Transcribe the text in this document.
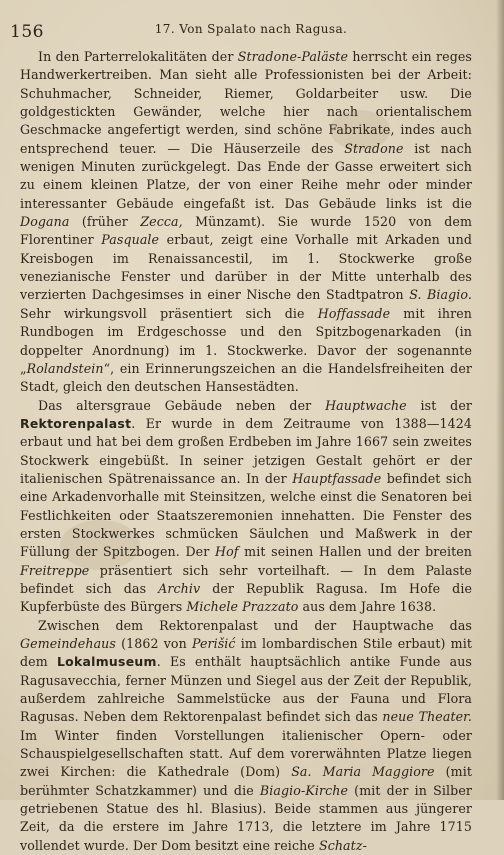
156	17. Von Spalato nach Ragusa.

In den Parterrelokalitäten der Stradone-Paläste herrscht ein reges Handwerkertreiben. Man sieht alle Professionisten bei der Arbeit: Schuhmacher, Schneider, Riemer, Goldarbeiter usw. Die goldgestickten Gewänder, welche hier nach orientalischem Geschmacke angefertigt werden, sind schöne Fabrikate, indes auch entsprechend teuer. — Die Häuserzeile des Stradone ist nach wenigen Minuten zurückgelegt. Das Ende der Gasse erweitert sich zu einem kleinen Platze, der von einer Reihe mehr oder minder interessanter Gebäude eingefaßt ist. Das Gebäude links ist die Dogana (früher Zecca, Münzamt). Sie wurde 1520 von dem Florentiner Pasquale erbaut, zeigt eine Vorhalle mit Arkaden und Kreisbogen im Renaissancestil, im 1. Stockwerke große venezianische Fenster und darüber in der Mitte unterhalb des verzierten Dachgesimses in einer Nische den Stadtpatron S. Biagio. Sehr wirkungsvoll präsentiert sich die Hoffassade mit ihren Rundbogen im Erdgeschosse und den Spitzbogenarkaden (in doppelter Anordnung) im 1. Stockwerke. Davor der sogenannte „Rolandstein“, ein Erinnerungszeichen an die Handelsfreiheiten der Stadt, gleich den deutschen Hansestädten.

Das altersgraue Gebäude neben der Hauptwache ist der Rektorenpalast. Er wurde in dem Zeitraume von 1388—1424 erbaut und hat bei dem großen Erdbeben im Jahre 1667 sein zweites Stockwerk eingebüßt. In seiner jetzigen Gestalt gehört er der italienischen Spätrenaissance an. In der Hauptfassade befindet sich eine Arkadenvorhalle mit Steinsitzen, welche einst die Senatoren bei Festlichkeiten oder Staatszeremonien innehatten. Die Fenster des ersten Stockwerkes schmücken Säulchen und Maßwerk in der Füllung der Spitzbogen. Der Hof mit seinen Hallen und der breiten Freitreppe präsentiert sich sehr vorteilhaft. — In dem Palaste befindet sich das Archiv der Republik Ragusa. Im Hofe die Kupferbüste des Bürgers Michele Prazzato aus dem Jahre 1638.

Zwischen dem Rektorenpalast und der Hauptwache das Gemeindehaus (1862 von Perišić im lombardischen Stile erbaut) mit dem Lokalmuseum. Es enthält hauptsächlich antike Funde aus Ragusavecchia, ferner Münzen und Siegel aus der Zeit der Republik, außerdem zahlreiche Sammelstücke aus der Fauna und Flora Ragusas. Neben dem Rektorenpalast befindet sich das neue Theater. Im Winter finden Vorstellungen italienischer Opern- oder Schauspielgesellschaften statt. Auf dem vorerwähnten Platze liegen zwei Kirchen: die Kathedrale (Dom) Sa. Maria Maggiore (mit berühmter Schatzkammer) und die Biagio-Kirche (mit der in Silber getriebenen Statue des hl. Blasius). Beide stammen aus jüngerer Zeit, da die erstere im Jahre 1713, die letztere im Jahre 1715 vollendet wurde. Der Dom besitzt eine reiche Schatz-
